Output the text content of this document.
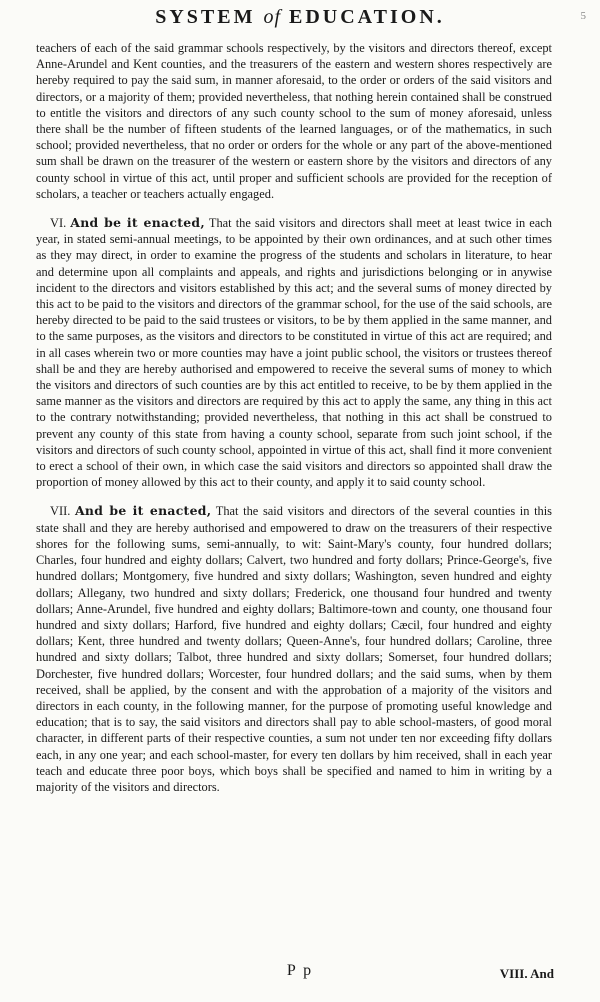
SYSTEM of EDUCATION.	5

teachers of each of the said grammar schools respectively, by the visitors and directors thereof, except Anne-Arundel and Kent counties, and the treasurers of the eastern and western shores respectively are hereby required to pay the said sum, in manner aforesaid, to the order or orders of the said visitors and directors, or a majority of them; provided nevertheless, that nothing herein contained shall be construed to entitle the visitors and directors of any such county school to the sum of money aforesaid, unless there shall be the number of fifteen students of the learned languages, or of the mathematics, in such school; provided nevertheless, that no order or orders for the whole or any part of the above-mentioned sum shall be drawn on the treasurer of the western or eastern shore by the visitors and directors of any county school in virtue of this act, until proper and sufficient schools are provided for the reception of scholars, a teacher or teachers actually engaged.

VI. And be it enacted, That the said visitors and directors shall meet at least twice in each year, in stated semi-annual meetings, to be appointed by their own ordinances, and at such other times as they may direct, in order to examine the progress of the students and scholars in literature, to hear and determine upon all complaints and appeals, and rights and jurisdictions belonging or in anywise incident to the directors and visitors established by this act; and the several sums of money directed by this act to be paid to the visitors and directors of the grammar school, for the use of the said schools, are hereby directed to be paid to the said trustees or visitors, to be by them applied in the same manner, and to the same purposes, as the visitors and directors to be constituted in virtue of this act are required; and in all cases wherein two or more counties may have a joint public school, the visitors or trustees thereof shall be and they are hereby authorised and empowered to receive the several sums of money to which the visitors and directors of such counties are by this act entitled to receive, to be by them applied in the same manner as the visitors and directors are required by this act to apply the same, any thing in this act to the contrary notwithstanding; provided nevertheless, that nothing in this act shall be construed to prevent any county of this state from having a county school, separate from such joint school, if the visitors and directors of such county school, appointed in virtue of this act, shall find it more convenient to erect a school of their own, in which case the said visitors and directors so appointed shall draw the proportion of money allowed by this act to their county, and apply it to said county school.

VII. And be it enacted, That the said visitors and directors of the several counties in this state shall and they are hereby authorised and empowered to draw on the treasurers of their respective shores for the following sums, semi-annually, to wit: Saint-Mary's county, four hundred dollars; Charles, four hundred and eighty dollars; Calvert, two hundred and forty dollars; Prince-George's, five hundred dollars; Montgomery, five hundred and sixty dollars; Washington, seven hundred and eighty dollars; Allegany, two hundred and sixty dollars; Frederick, one thousand four hundred and twenty dollars; Anne-Arundel, five hundred and eighty dollars; Baltimore-town and county, one thousand four hundred and sixty dollars; Harford, five hundred and eighty dollars; Cæcil, four hundred and eighty dollars; Kent, three hundred and twenty dollars; Queen-Anne's, four hundred dollars; Caroline, three hundred and sixty dollars; Talbot, three hundred and sixty dollars; Somerset, four hundred dollars; Dorchester, five hundred dollars; Worcester, four hundred dollars; and the said sums, when by them received, shall be applied, by the consent and with the approbation of a majority of the visitors and directors in each county, in the following manner, for the purpose of promoting useful knowledge and education; that is to say, the said visitors and directors shall pay to able school-masters, of good moral character, in different parts of their respective counties, a sum not under ten nor exceeding fifty dollars each, in any one year; and each school-master, for every ten dollars by him received, shall in each year teach and educate three poor boys, which boys shall be specified and named to him in writing by a majority of the visitors and directors.

P p	VIII. And
